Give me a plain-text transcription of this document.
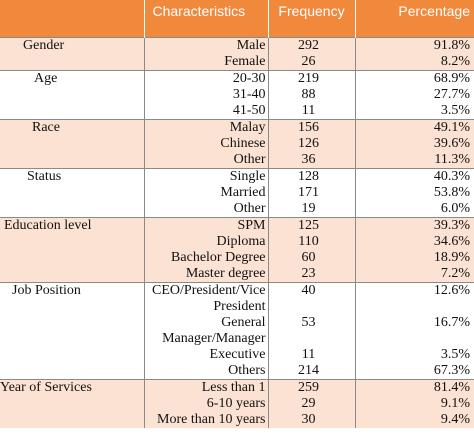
	Characteristics	Frequency	Percentage
Gender	Male	292	91.8%
	Female	26	8.2%
Age	20-30	219	68.9%
	31-40	88	27.7%
	41-50	11	3.5%
Race	Malay	156	49.1%
	Chinese	126	39.6%
	Other	36	11.3%
Status	Single	128	40.3%
	Married	171	53.8%
	Other	19	6.0%
Education level	SPM	125	39.3%
	Diploma	110	34.6%
	Bachelor Degree	60	18.9%
	Master degree	23	7.2%
Job Position	CEO/President/Vice	40	12.6%
	President		
	General	53	16.7%
	Manager/Manager		
	Executive	11	3.5%
	Others	214	67.3%
Year of Services	Less than 1	259	81.4%
	6-10 years	29	9.1%
	More than 10 years	30	9.4%
